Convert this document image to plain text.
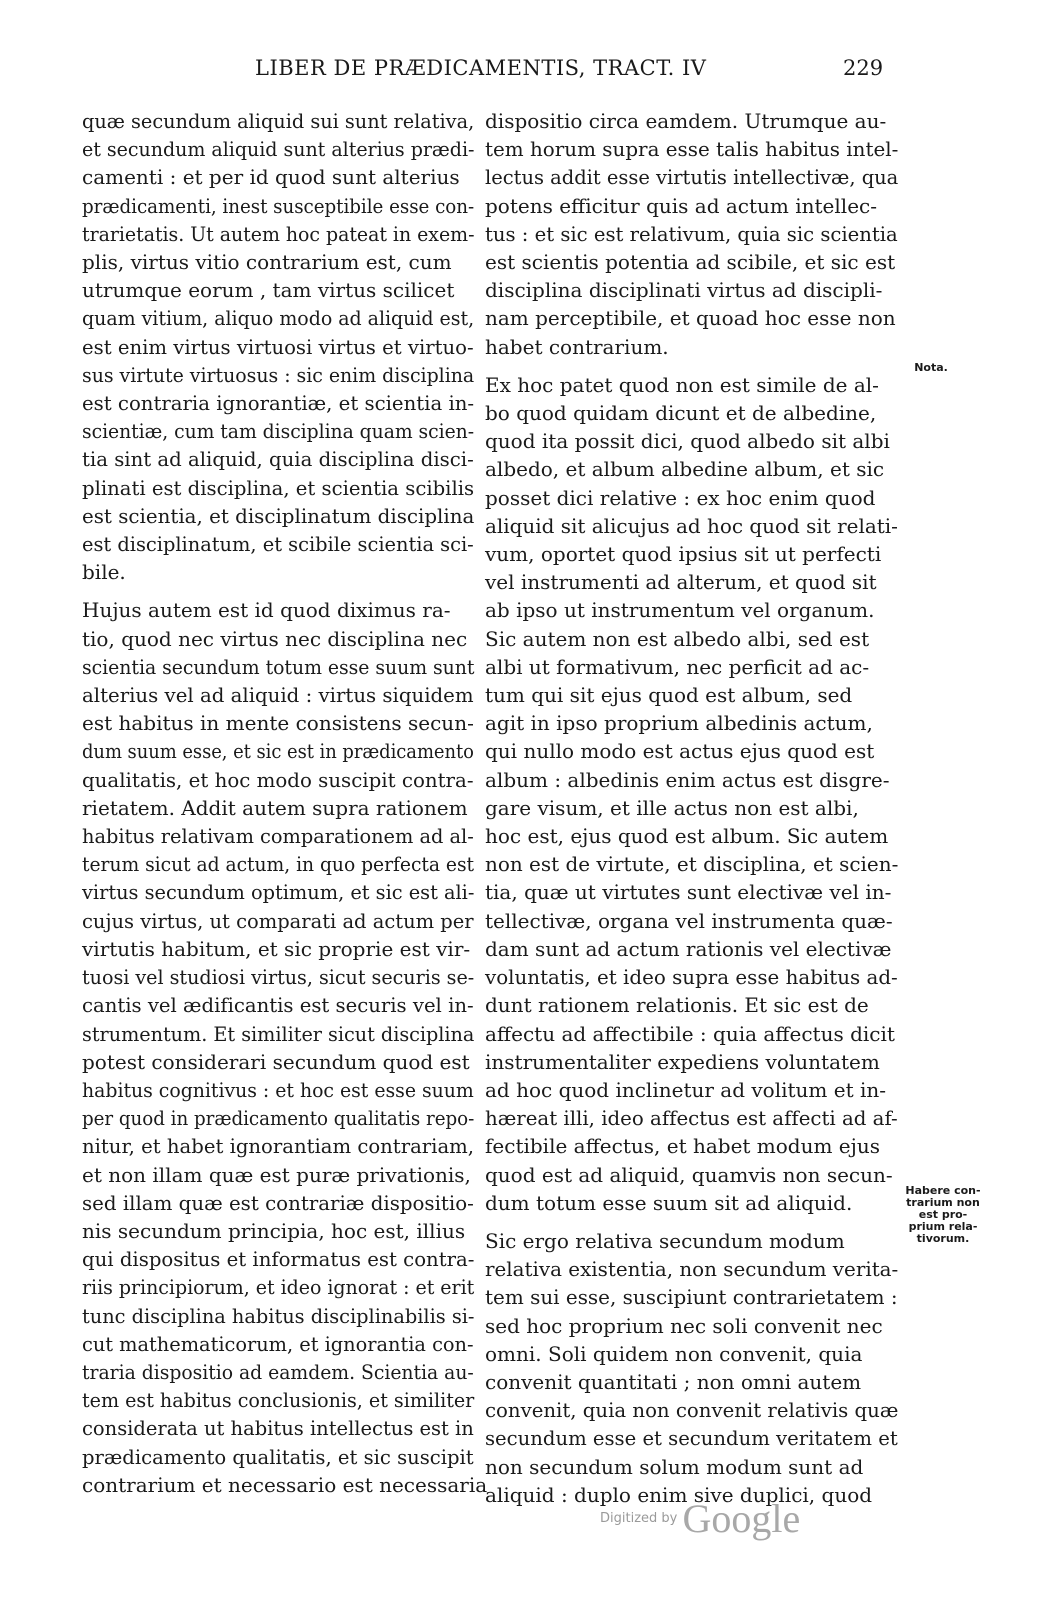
LIBER DE PRÆDICAMENTIS, TRACT. IV	229
quæ secundum aliquid sui sunt relativa,
et secundum aliquid sunt alterius prædi-
camenti : et per id quod sunt alterius
prædicamenti, inest susceptibile esse con-
trarietatis. Ut autem hoc pateat in exem-
plis, virtus vitio contrarium est, cum
utrumque eorum , tam virtus scilicet
quam vitium, aliquo modo ad aliquid est,
est enim virtus virtuosi virtus et virtuo-
sus virtute virtuosus : sic enim disciplina
est contraria ignorantiæ, et scientia in-
scientiæ, cum tam disciplina quam scien-
tia sint ad aliquid, quia disciplina disci-
plinati est disciplina, et scientia scibilis
est scientia, et disciplinatum disciplina
est disciplinatum, et scibile scientia sci-
bile.
Hujus autem est id quod diximus ra-
tio, quod nec virtus nec disciplina nec
scientia secundum totum esse suum sunt
alterius vel ad aliquid : virtus siquidem
est habitus in mente consistens secun-
dum suum esse, et sic est in prædicamento
qualitatis, et hoc modo suscipit contra-
rietatem. Addit autem supra rationem
habitus relativam comparationem ad al-
terum sicut ad actum, in quo perfecta est
virtus secundum optimum, et sic est ali-
cujus virtus, ut comparati ad actum per
virtutis habitum, et sic proprie est vir-
tuosi vel studiosi virtus, sicut securis se-
cantis vel ædificantis est securis vel in-
strumentum. Et similiter sicut disciplina
potest considerari secundum quod est
habitus cognitivus : et hoc est esse suum
per quod in prædicamento qualitatis repo-
nitur, et habet ignorantiam contrariam,
et non illam quæ est puræ privationis,
sed illam quæ est contrariæ dispositio-
nis secundum principia, hoc est, illius
qui dispositus et informatus est contra-
riis principiorum, et ideo ignorat : et erit
tunc disciplina habitus disciplinabilis si-
cut mathematicorum, et ignorantia con-
traria dispositio ad eamdem. Scientia au-
tem est habitus conclusionis, et similiter
considerata ut habitus intellectus est in
prædicamento qualitatis, et sic suscipit
contrarium et necessario est necessaria
dispositio circa eamdem. Utrumque au-
tem horum supra esse talis habitus intel-
lectus addit esse virtutis intellectivæ, qua
potens efficitur quis ad actum intellec-
tus : et sic est relativum, quia sic scientia
est scientis potentia ad scibile, et sic est
disciplina disciplinati virtus ad discipli-
nam perceptibile, et quoad hoc esse non
habet contrarium.
Ex hoc patet quod non est simile de al-
bo quod quidam dicunt et de albedine,
quod ita possit dici, quod albedo sit albi
albedo, et album albedine album, et sic
posset dici relative : ex hoc enim quod
aliquid sit alicujus ad hoc quod sit relati-
vum, oportet quod ipsius sit ut perfecti
vel instrumenti ad alterum, et quod sit
ab ipso ut instrumentum vel organum.
Sic autem non est albedo albi, sed est
albi ut formativum, nec perficit ad ac-
tum qui sit ejus quod est album, sed
agit in ipso proprium albedinis actum,
qui nullo modo est actus ejus quod est
album : albedinis enim actus est disgre-
gare visum, et ille actus non est albi,
hoc est, ejus quod est album. Sic autem
non est de virtute, et disciplina, et scien-
tia, quæ ut virtutes sunt electivæ vel in-
tellectivæ, organa vel instrumenta quæ-
dam sunt ad actum rationis vel electivæ
voluntatis, et ideo supra esse habitus ad-
dunt rationem relationis. Et sic est de
affectu ad affectibile : quia affectus dicit
instrumentaliter expediens voluntatem
ad hoc quod inclinetur ad volitum et in-
hæreat illi, ideo affectus est affecti ad af-
fectibile affectus, et habet modum ejus
quod est ad aliquid, quamvis non secun-
dum totum esse suum sit ad aliquid.
Sic ergo relativa secundum modum
relativa existentia, non secundum verita-
tem sui esse, suscipiunt contrarietatem :
sed hoc proprium nec soli convenit nec
omni. Soli quidem non convenit, quia
convenit quantitati ; non omni autem
convenit, quia non convenit relativis quæ
secundum esse et secundum veritatem et
non secundum solum modum sunt ad
aliquid : duplo enim sive duplici, quod
Nota.
Habere con-
trarium non
est pro-
prium rela-
tivorum.
Digitized by Google
